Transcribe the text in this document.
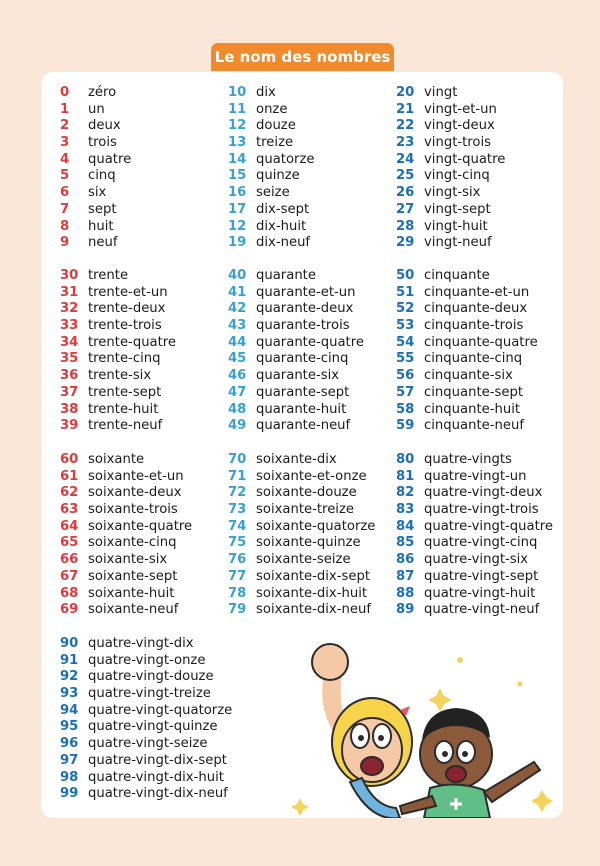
Le nom des nombres
0 zéro
1 un
2 deux
3 trois
4 quatre
5 cinq
6 six
7 sept
8 huit
9 neuf
10 dix
11 onze
12 douze
13 treize
14 quatorze
15 quinze
16 seize
17 dix-sept
12 dix-huit
19 dix-neuf
20 vingt
21 vingt-et-un
22 vingt-deux
23 vingt-trois
24 vingt-quatre
25 vingt-cinq
26 vingt-six
27 vingt-sept
28 vingt-huit
29 vingt-neuf
30 trente
31 trente-et-un
32 trente-deux
33 trente-trois
34 trente-quatre
35 trente-cinq
36 trente-six
37 trente-sept
38 trente-huit
39 trente-neuf
40 quarante
41 quarante-et-un
42 quarante-deux
43 quarante-trois
44 quarante-quatre
45 quarante-cinq
46 quarante-six
47 quarante-sept
48 quarante-huit
49 quarante-neuf
50 cinquante
51 cinquante-et-un
52 cinquante-deux
53 cinquante-trois
54 cinquante-quatre
55 cinquante-cinq
56 cinquante-six
57 cinquante-sept
58 cinquante-huit
59 cinquante-neuf
60 soixante
61 soixante-et-un
62 soixante-deux
63 soixante-trois
64 soixante-quatre
65 soixante-cinq
66 soixante-six
67 soixante-sept
68 soixante-huit
69 soixante-neuf
70 soixante-dix
71 soixante-et-onze
72 soixante-douze
73 soixante-treize
74 soixante-quatorze
75 soixante-quinze
76 soixante-seize
77 soixante-dix-sept
78 soixante-dix-huit
79 soixante-dix-neuf
80 quatre-vingts
81 quatre-vingt-un
82 quatre-vingt-deux
83 quatre-vingt-trois
84 quatre-vingt-quatre
85 quatre-vingt-cinq
86 quatre-vingt-six
87 quatre-vingt-sept
88 quatre-vingt-huit
89 quatre-vingt-neuf
90 quatre-vingt-dix
91 quatre-vingt-onze
92 quatre-vingt-douze
93 quatre-vingt-treize
94 quatre-vingt-quatorze
95 quatre-vingt-quinze
96 quatre-vingt-seize
97 quatre-vingt-dix-sept
98 quatre-vingt-dix-huit
99 quatre-vingt-dix-neuf
